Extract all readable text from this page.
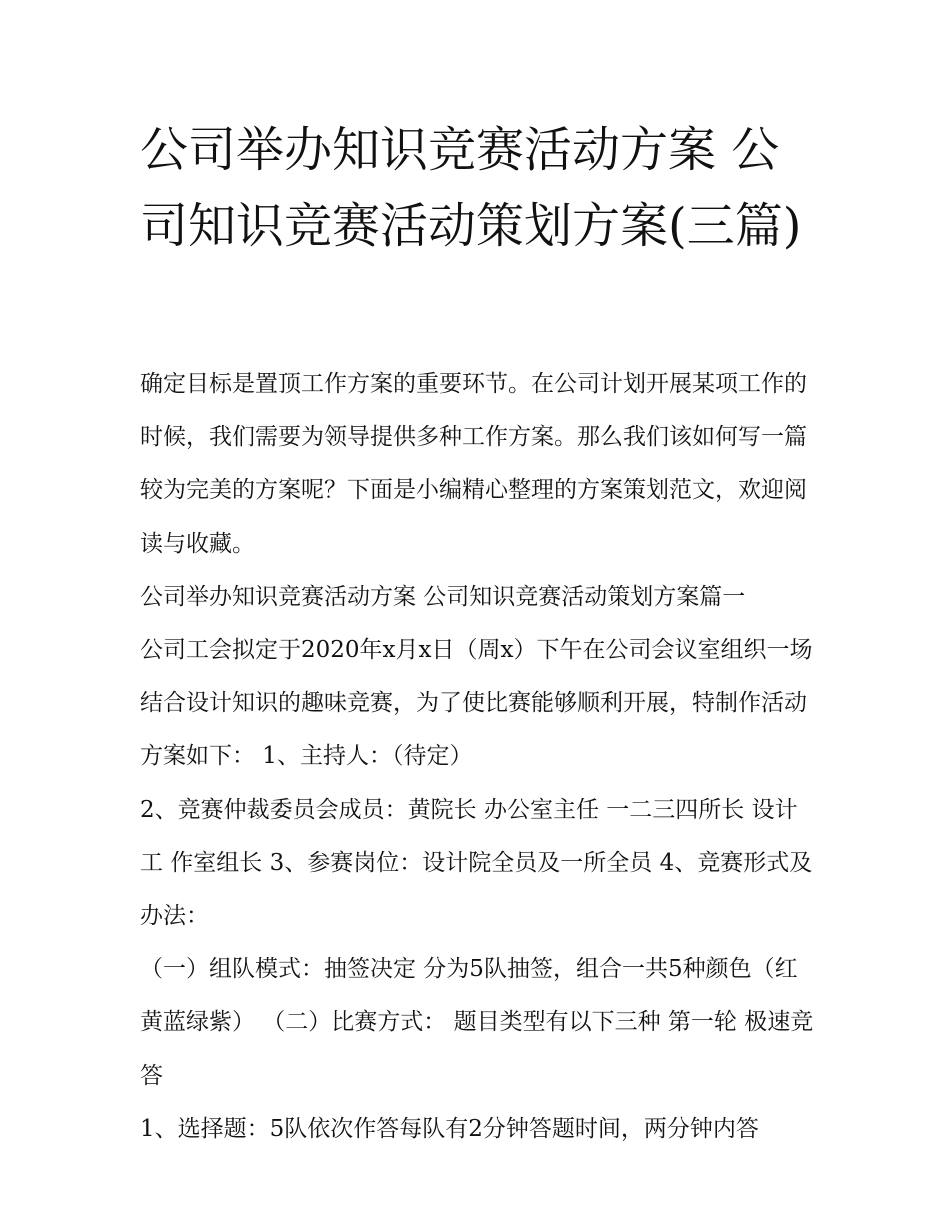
公司举办知识竞赛活动方案 公司知识竞赛活动策划方案(三篇)

确定目标是置顶工作方案的重要环节。在公司计划开展某项工作的时候，我们需要为领导提供多种工作方案。那么我们该如何写一篇较为完美的方案呢？下面是小编精心整理的方案策划范文，欢迎阅读与收藏。

公司举办知识竞赛活动方案 公司知识竞赛活动策划方案篇一

公司工会拟定于2020年x月x日（周x）下午在公司会议室组织一场结合设计知识的趣味竞赛，为了使比赛能够顺利开展，特制作活动方案如下： 1、主持人：（待定）

2、竞赛仲裁委员会成员：黄院长 办公室主任 一二三四所长 设计工 作室组长 3、参赛岗位：设计院全员及一所全员 4、竞赛形式及办法：

（一）组队模式：抽签决定 分为5队抽签，组合一共5种颜色（红黄蓝绿紫） （二）比赛方式： 题目类型有以下三种 第一轮 极速竞答

1、选择题：5队依次作答每队有2分钟答题时间，两分钟内答
